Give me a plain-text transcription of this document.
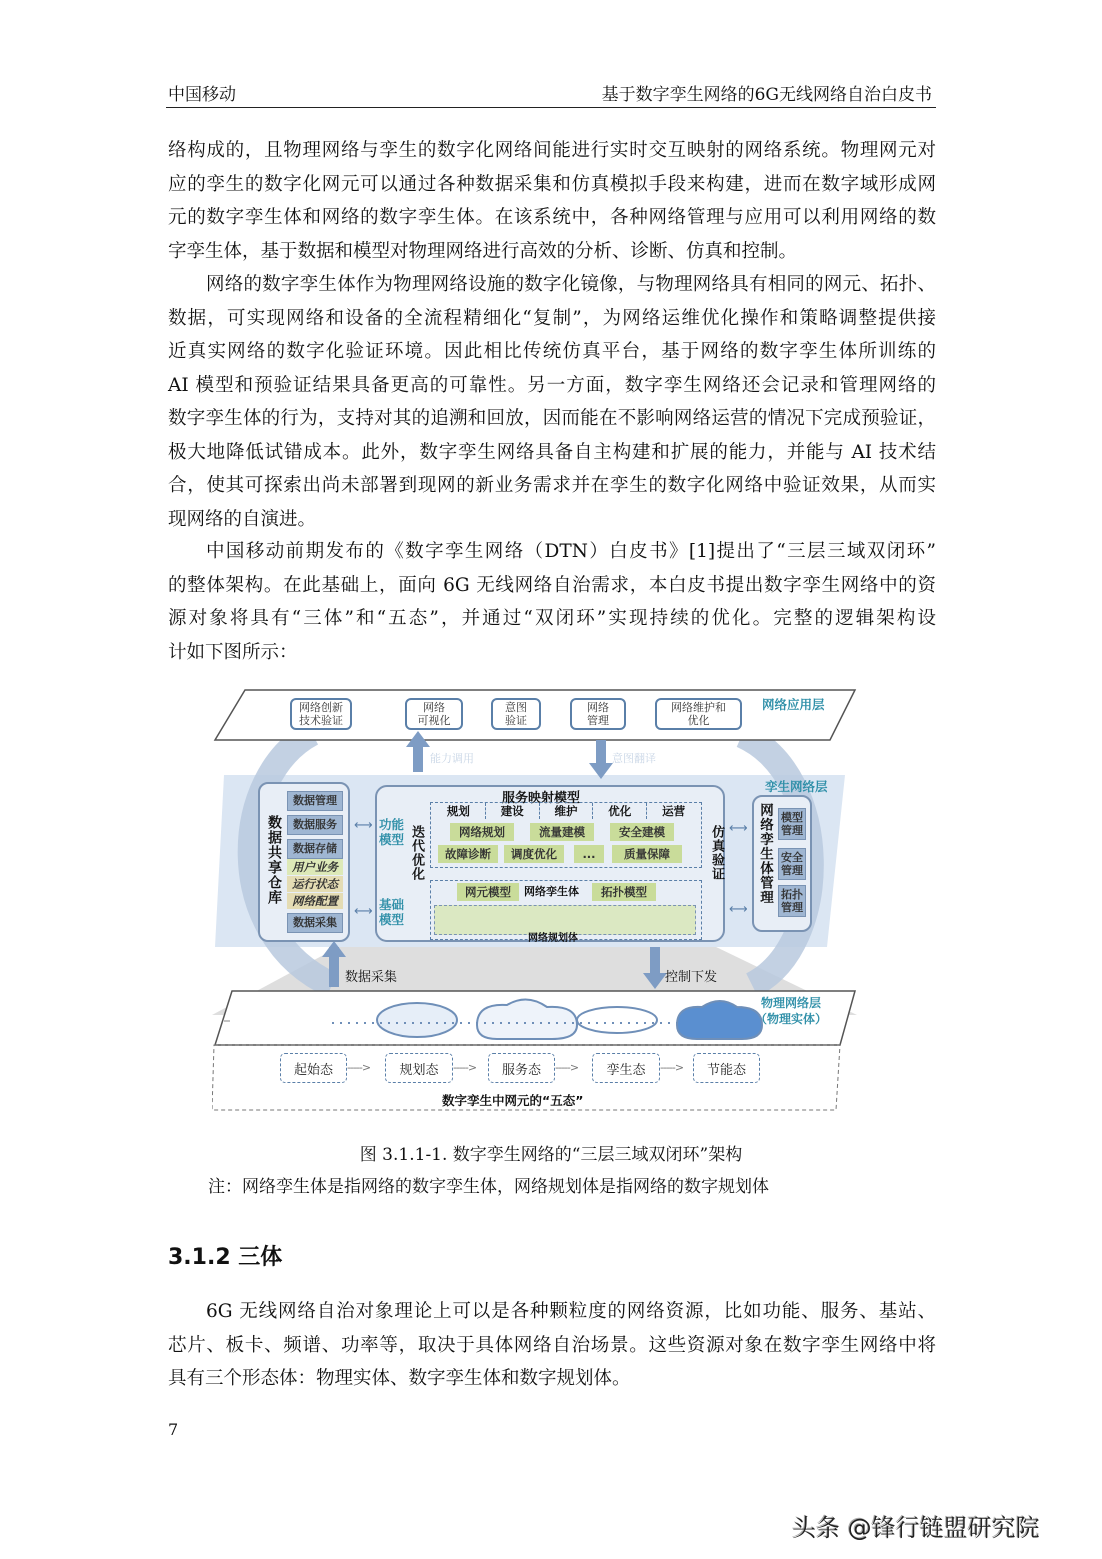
中国移动	基于数字孪生网络的6G无线网络自治白皮书
络构成的，且物理网络与孪生的数字化网络间能进行实时交互映射的网络系统。物理网元对
应的孪生的数字化网元可以通过各种数据采集和仿真模拟手段来构建，进而在数字域形成网
元的数字孪生体和网络的数字孪生体。在该系统中，各种网络管理与应用可以利用网络的数
字孪生体，基于数据和模型对物理网络进行高效的分析、诊断、仿真和控制。
网络的数字孪生体作为物理网络设施的数字化镜像，与物理网络具有相同的网元、拓扑、
数据，可实现网络和设备的全流程精细化“复制”，为网络运维优化操作和策略调整提供接
近真实网络的数字化验证环境。因此相比传统仿真平台，基于网络的数字孪生体所训练的
AI 模型和预验证结果具备更高的可靠性。另一方面，数字孪生网络还会记录和管理网络的
数字孪生体的行为，支持对其的追溯和回放，因而能在不影响网络运营的情况下完成预验证，
极大地降低试错成本。此外，数字孪生网络具备自主构建和扩展的能力，并能与 AI 技术结
合，使其可探索出尚未部署到现网的新业务需求并在孪生的数字化网络中验证效果，从而实
现网络的自演进。
中国移动前期发布的《数字孪生网络（DTN）白皮书》[1]提出了“三层三域双闭环”
的整体架构。在此基础上，面向 6G 无线网络自治需求，本白皮书提出数字孪生网络中的资
源对象将具有“三体”和“五态”，并通过“双闭环”实现持续的优化。完整的逻辑架构设
计如下图所示：
网络应用层
网络创新
技术验证
网络
可视化
意图
验证
网络
管理
网络维护和
优化
能力调用	意图翻译
孪生网络层
数据共享仓库
数据管理
数据服务
数据存储
用户业务
运行状态
网络配置
数据采集
⟷
⟷
服务映射模型
规划	建设	维护	优化	运营
网络规划	流量建模	安全建模
故障诊断	调度优化	...	质量保障
功能模型
基础模型
迭代优化	仿真验证
网元模型	网络孪生体	拓扑模型
网络规划体
⟷
⟷
网络孪生体管理 模型
管理
安全
管理
拓扑
管理
数据采集	控制下发
物理网络层
（物理实体）
起始态	规划态	服务态	孪生态	节能态
----->	----->	----->	----->
数字孪生中网元的“五态”
图 3.1.1-1. 数字孪生网络的“三层三域双闭环”架构
注：网络孪生体是指网络的数字孪生体，网络规划体是指网络的数字规划体
3.1.2 三体
6G 无线网络自治对象理论上可以是各种颗粒度的网络资源，比如功能、服务、基站、
芯片、板卡、频谱、功率等，取决于具体网络自治场景。这些资源对象在数字孪生网络中将
具有三个形态体：物理实体、数字孪生体和数字规划体。
7
头条 @锋行链盟研究院
